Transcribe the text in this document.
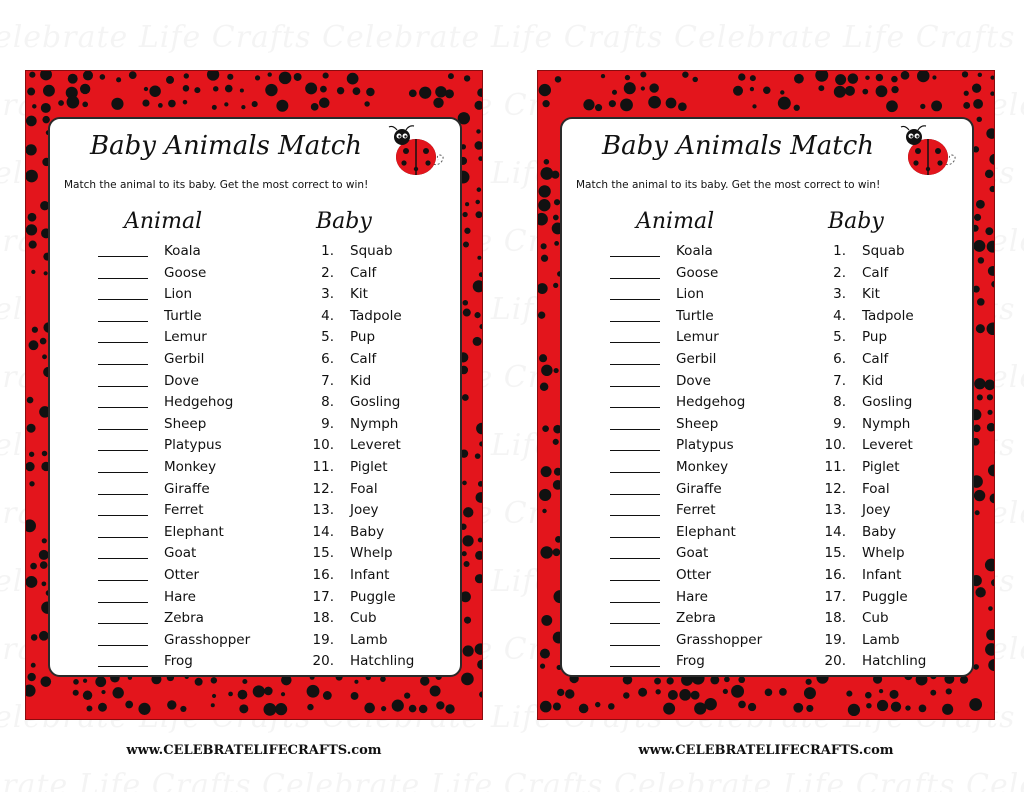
Baby Animals Match
Match the animal to its baby. Get the most correct to win!
Animal	Baby
Koala	1. Squab
Goose	2. Calf
Lion	3. Kit
Turtle	4. Tadpole
Lemur	5. Pup
Gerbil	6. Calf
Dove	7. Kid
Hedgehog	8. Gosling
Sheep	9. Nymph
Platypus	10. Leveret
Monkey	11. Piglet
Giraffe	12. Foal
Ferret	13. Joey
Elephant	14. Baby
Goat	15. Whelp
Otter	16. Infant
Hare	17. Puggle
Zebra	18. Cub
Grasshopper	19. Lamb
Frog	20. Hatchling
www.CELEBRATELIFECRAFTS.com
Baby Animals Match
Match the animal to its baby. Get the most correct to win!
Animal	Baby
Koala	1. Squab
Goose	2. Calf
Lion	3. Kit
Turtle	4. Tadpole
Lemur	5. Pup
Gerbil	6. Calf
Dove	7. Kid
Hedgehog	8. Gosling
Sheep	9. Nymph
Platypus	10. Leveret
Monkey	11. Piglet
Giraffe	12. Foal
Ferret	13. Joey
Elephant	14. Baby
Goat	15. Whelp
Otter	16. Infant
Hare	17. Puggle
Zebra	18. Cub
Grasshopper	19. Lamb
Frog	20. Hatchling
www.CELEBRATELIFECRAFTS.com
